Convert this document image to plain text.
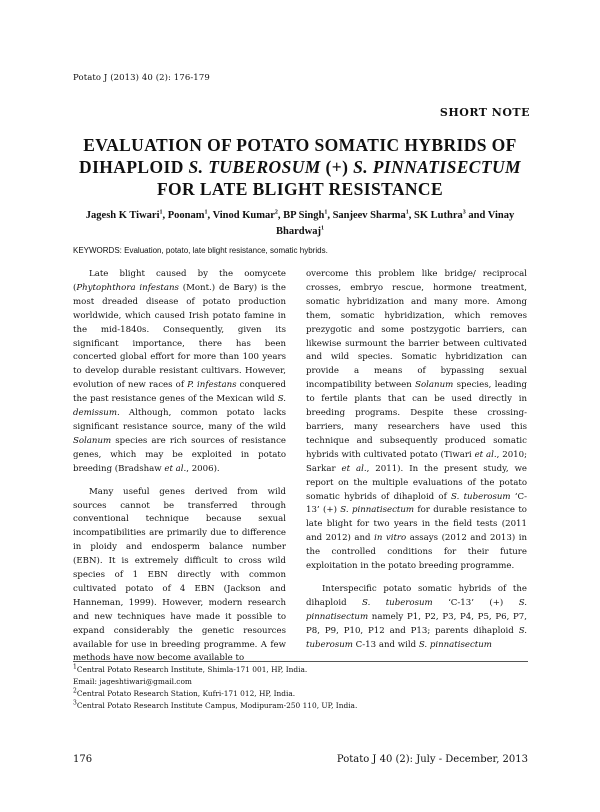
Potato J (2013) 40 (2): 176-179
SHORT NOTE
EVALUATION OF POTATO SOMATIC HYBRIDS OF
DIHAPLOID S. TUBEROSUM (+) S. PINNATISECTUM
FOR LATE BLIGHT RESISTANCE
Jagesh K Tiwari$^1$, Poonam$^1$, Vinod Kumar$^2$, BP Singh$^1$, Sanjeev Sharma$^1$, SK Luthra$^3$ and Vinay Bhardwaj$^1$
KEYWORDS: Evaluation, potato, late blight resistance, somatic hybrids.

Late blight caused by the oomycete (Phytophthora infestans (Mont.) de Bary) is the most dreaded disease of potato production worldwide, which caused Irish potato famine in the mid-1840s. Consequently, given its significant importance, there has been concerted global effort for more than 100 years to develop durable resistant cultivars. However, evolution of new races of P. infestans conquered the past resistance genes of the Mexican wild S. demissum. Although, common potato lacks significant resistance source, many of the wild Solanum species are rich sources of resistance genes, which may be exploited in potato breeding (Bradshaw et al., 2006).

Many useful genes derived from wild sources cannot be transferred through conventional technique because sexual incompatibilities are primarily due to difference in ploidy and endosperm balance number (EBN). It is extremely difficult to cross wild species of 1 EBN directly with common cultivated potato of 4 EBN (Jackson and Hanneman, 1999). However, modern research and new techniques have made it possible to expand considerably the genetic resources available for use in breeding programme. A few methods have now become available to

overcome this problem like bridge/ reciprocal crosses, embryo rescue, hormone treatment, somatic hybridization and many more. Among them, somatic hybridization, which removes prezygotic and some postzygotic barriers, can likewise surmount the barrier between cultivated and wild species. Somatic hybridization can provide a means of bypassing sexual incompatibility between Solanum species, leading to fertile plants that can be used directly in breeding programs. Despite these crossing-barriers, many researchers have used this technique and subsequently produced somatic hybrids with cultivated potato (Tiwari et al., 2010; Sarkar et al., 2011). In the present study, we report on the multiple evaluations of the potato somatic hybrids of dihaploid of S. tuberosum ‘C-13’ (+) S. pinnatisectum for durable resistance to late blight for two years in the field tests (2011 and 2012) and in vitro assays (2012 and 2013) in the controlled conditions for their future exploitation in the potato breeding programme.

Interspecific potato somatic hybrids of the dihaploid S. tuberosum ‘C-13’ (+) S. pinnatisectum namely P1, P2, P3, P4, P5, P6, P7, P8, P9, P10, P12 and P13; parents dihaploid S. tuberosum C-13 and wild S. pinnatisectum

$^1$Central Potato Research Institute, Shimla-171 001, HP, India.
Email: jageshtiwari@gmail.com
$^2$Central Potato Research Station, Kufri-171 012, HP, India.
$^3$Central Potato Research Institute Campus, Modipuram-250 110, UP, India.
176	Potato J 40 (2): July - December, 2013
